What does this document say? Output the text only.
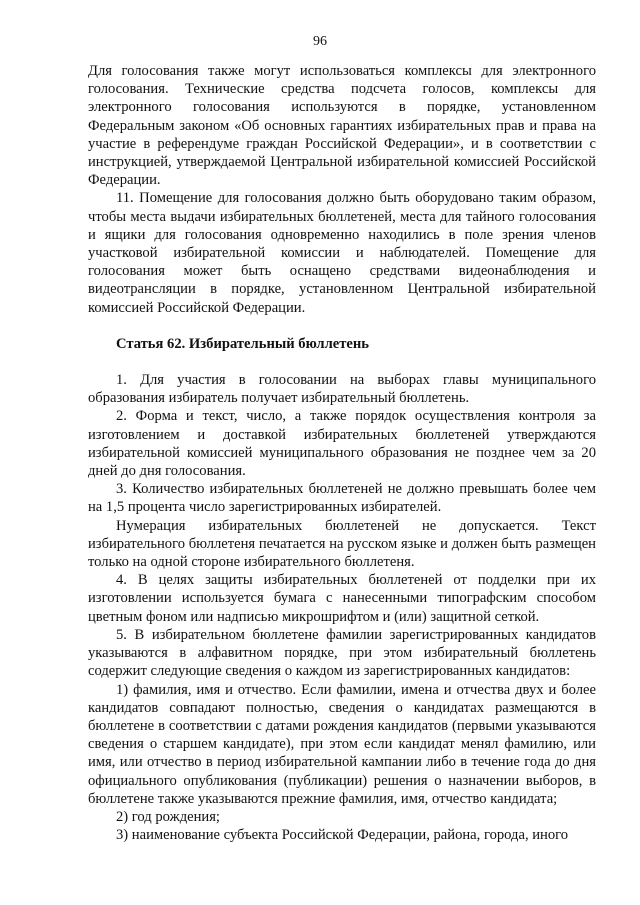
96

Для голосования также могут использоваться комплексы для электронного голосования. Технические средства подсчета голосов, комплексы для электронного голосования используются в порядке, установленном Федеральным законом «Об основных гарантиях избирательных прав и права на участие в референдуме граждан Российской Федерации», и в соответствии с инструкцией, утверждаемой Центральной избирательной комиссией Российской Федерации.

11. Помещение для голосования должно быть оборудовано таким образом, чтобы места выдачи избирательных бюллетеней, места для тайного голосования и ящики для голосования одновременно находились в поле зрения членов участковой избирательной комиссии и наблюдателей. Помещение для голосования может быть оснащено средствами видеонаблюдения и видеотрансляции в порядке, установленном Центральной избирательной комиссией Российской Федерации.

Статья 62. Избирательный бюллетень

1. Для участия в голосовании на выборах главы муниципального образования избиратель получает избирательный бюллетень.

2. Форма и текст, число, а также порядок осуществления контроля за изготовлением и доставкой избирательных бюллетеней утверждаются избирательной комиссией муниципального образования не позднее чем за 20 дней до дня голосования.

3. Количество избирательных бюллетеней не должно превышать более чем на 1,5 процента число зарегистрированных избирателей.

Нумерация избирательных бюллетеней не допускается. Текст избирательного бюллетеня печатается на русском языке и должен быть размещен только на одной стороне избирательного бюллетеня.

4. В целях защиты избирательных бюллетеней от подделки при их изготовлении используется бумага с нанесенными типографским способом цветным фоном или надписью микрошрифтом и (или) защитной сеткой.

5. В избирательном бюллетене фамилии зарегистрированных кандидатов указываются в алфавитном порядке, при этом избирательный бюллетень содержит следующие сведения о каждом из зарегистрированных кандидатов:

1) фамилия, имя и отчество. Если фамилии, имена и отчества двух и более кандидатов совпадают полностью, сведения о кандидатах размещаются в бюллетене в соответствии с датами рождения кандидатов (первыми указываются сведения о старшем кандидате), при этом если кандидат менял фамилию, или имя, или отчество в период избирательной кампании либо в течение года до дня официального опубликования (публикации) решения о назначении выборов, в бюллетене также указываются прежние фамилия, имя, отчество кандидата;

2) год рождения;

3) наименование субъекта Российской Федерации, района, города, иного
